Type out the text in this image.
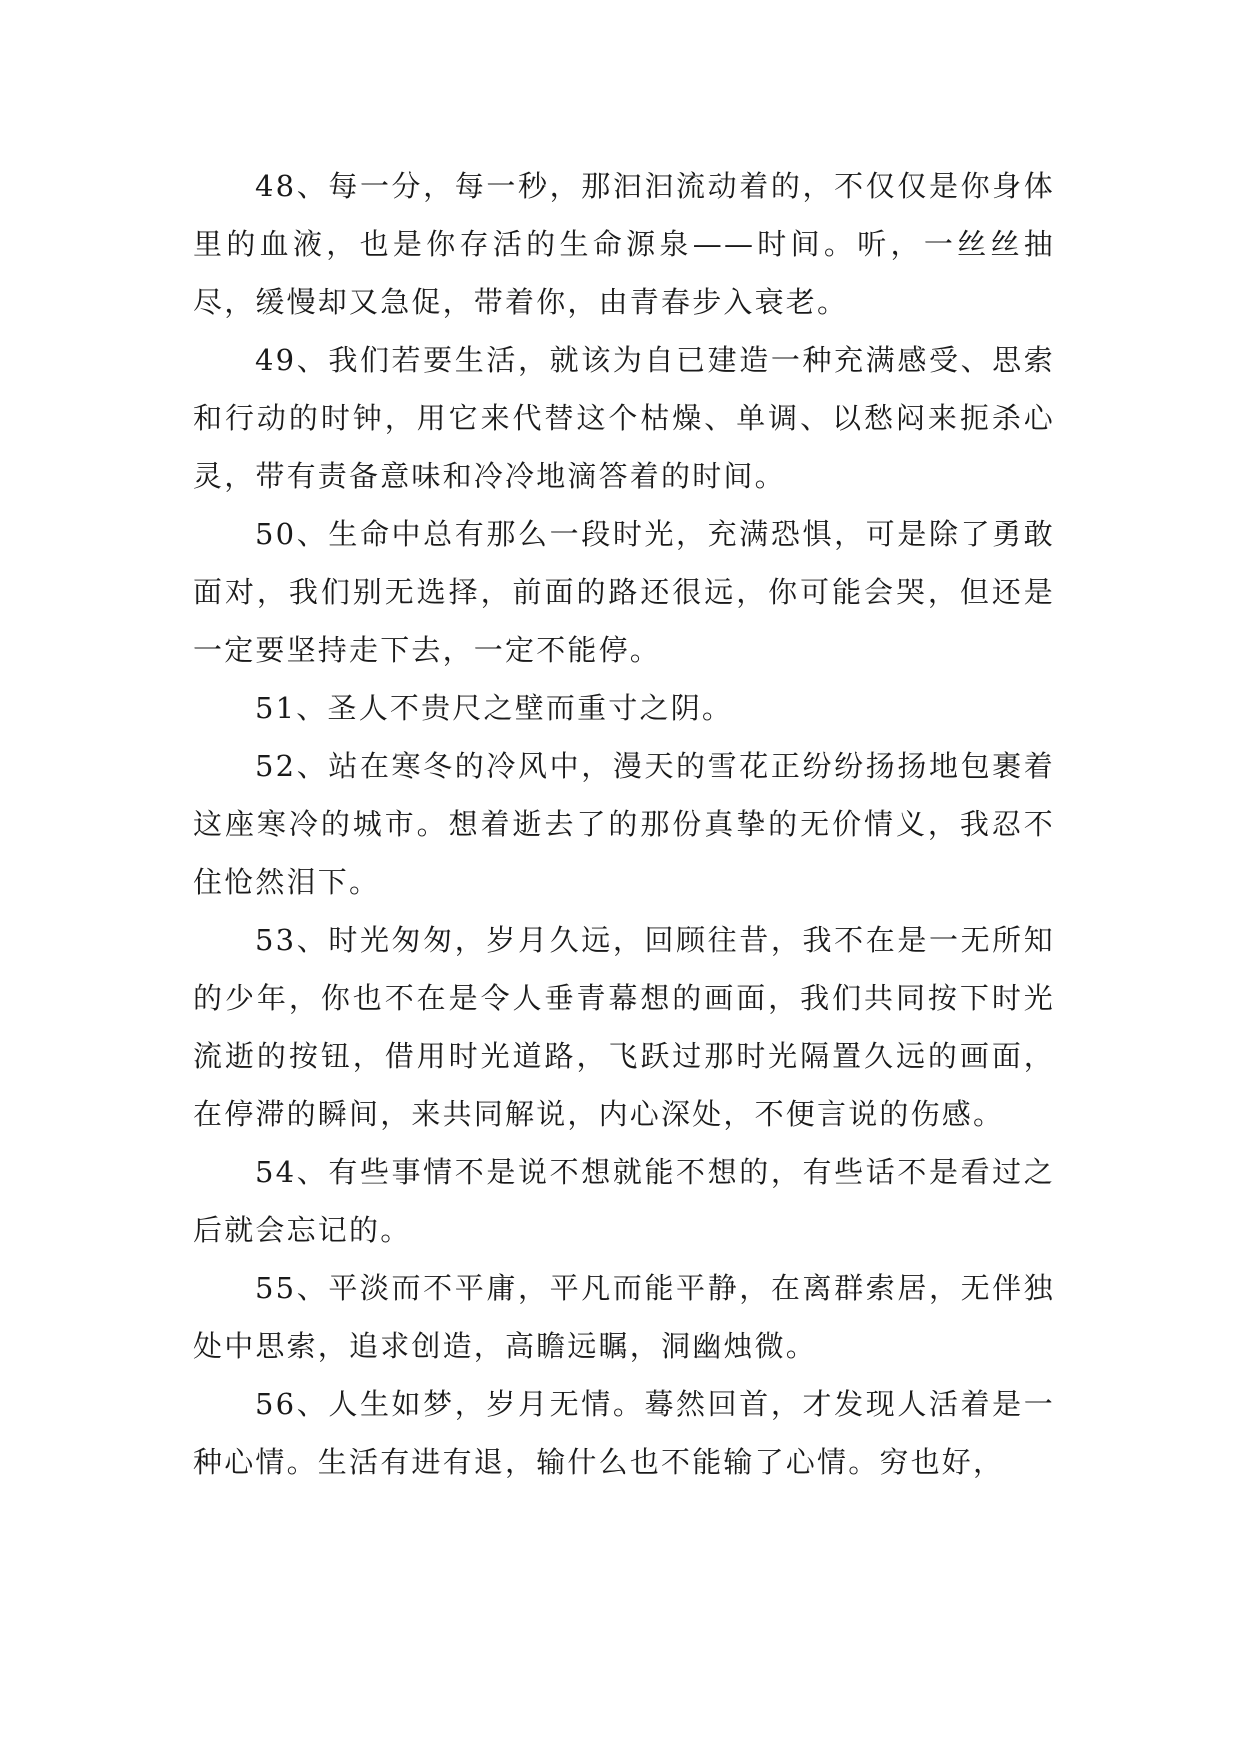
48、每一分，每一秒，那汩汩流动着的，不仅仅是你身体里的血液，也是你存活的生命源泉——时间。听，一丝丝抽尽，缓慢却又急促，带着你，由青春步入衰老。

49、我们若要生活，就该为自已建造一种充满感受、思索和行动的时钟，用它来代替这个枯燥、单调、以愁闷来扼杀心灵，带有责备意味和冷冷地滴答着的时间。

50、生命中总有那么一段时光，充满恐惧，可是除了勇敢面对，我们别无选择，前面的路还很远，你可能会哭，但还是一定要坚持走下去，一定不能停。

51、圣人不贵尺之壁而重寸之阴。

52、站在寒冬的冷风中，漫天的雪花正纷纷扬扬地包裹着这座寒冷的城市。想着逝去了的那份真挚的无价情义，我忍不住怆然泪下。

53、时光匆匆，岁月久远，回顾往昔，我不在是一无所知的少年，你也不在是令人垂青幕想的画面，我们共同按下时光流逝的按钮，借用时光道路，飞跃过那时光隔置久远的画面，在停滞的瞬间，来共同解说，内心深处，不便言说的伤感。

54、有些事情不是说不想就能不想的，有些话不是看过之后就会忘记的。

55、平淡而不平庸，平凡而能平静，在离群索居，无伴独处中思索，追求创造，高瞻远瞩，洞幽烛微。

56、人生如梦，岁月无情。蓦然回首，才发现人活着是一种心情。生活有进有退，输什么也不能输了心情。穷也好，
